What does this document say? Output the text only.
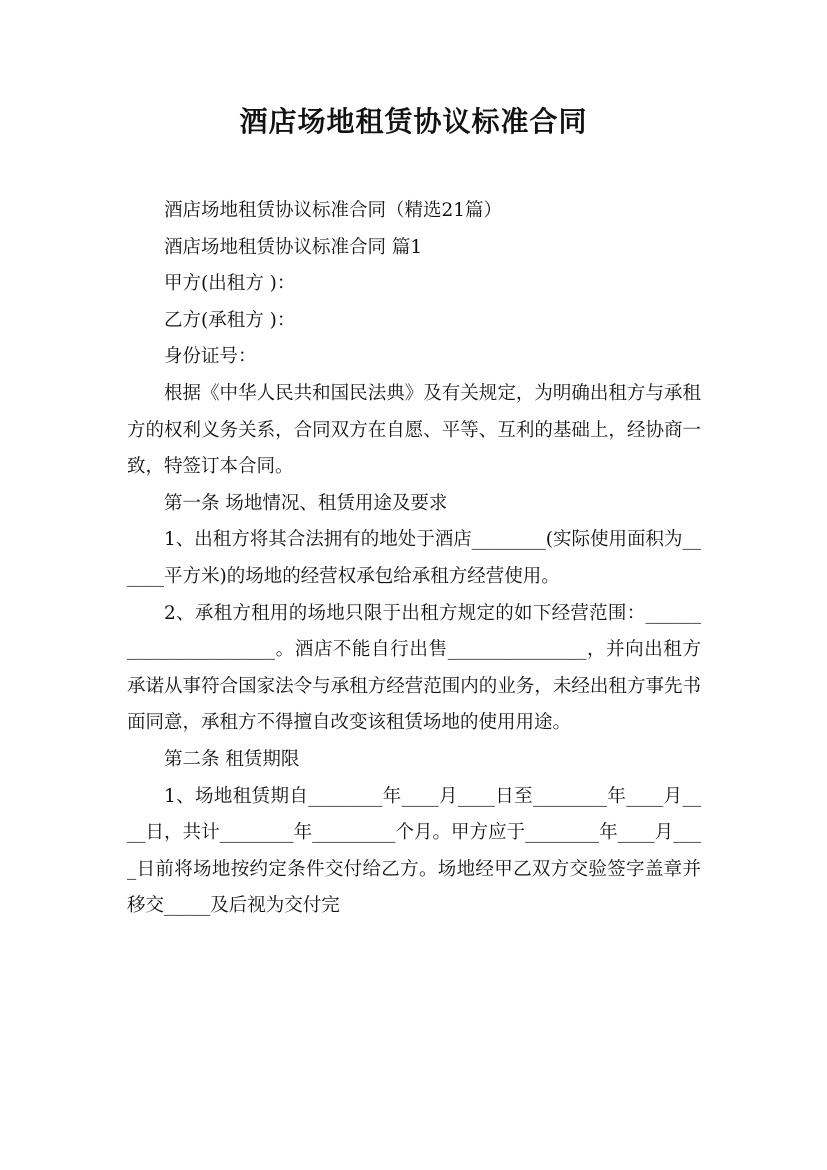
酒店场地租赁协议标准合同

酒店场地租赁协议标准合同（精选21篇）

酒店场地租赁协议标准合同 篇1

甲方(出租方 )：

乙方(承租方 )：

身份证号：

根据《中华人民共和国民法典》及有关规定，为明确出租方与承租方的权利义务关系，合同双方在自愿、平等、互利的基础上，经协商一致，特签订本合同。

第一条 场地情况、租赁用途及要求

1、出租方将其合法拥有的地处于酒店________(实际使用面积为______平方米)的场地的经营权承包给承租方经营使用。

2、承租方租用的场地只限于出租方规定的如下经营范围：______________________。酒店不能自行出售_______________，并向出租方承诺从事符合国家法令与承租方经营范围内的业务，未经出租方事先书面同意，承租方不得擅自改变该租赁场地的使用用途。

第二条 租赁期限

1、场地租赁期自________年____月____日至________年____月____日，共计________年_________个月。甲方应于________年____月____日前将场地按约定条件交付给乙方。场地经甲乙双方交验签字盖章并移交_____及后视为交付完
